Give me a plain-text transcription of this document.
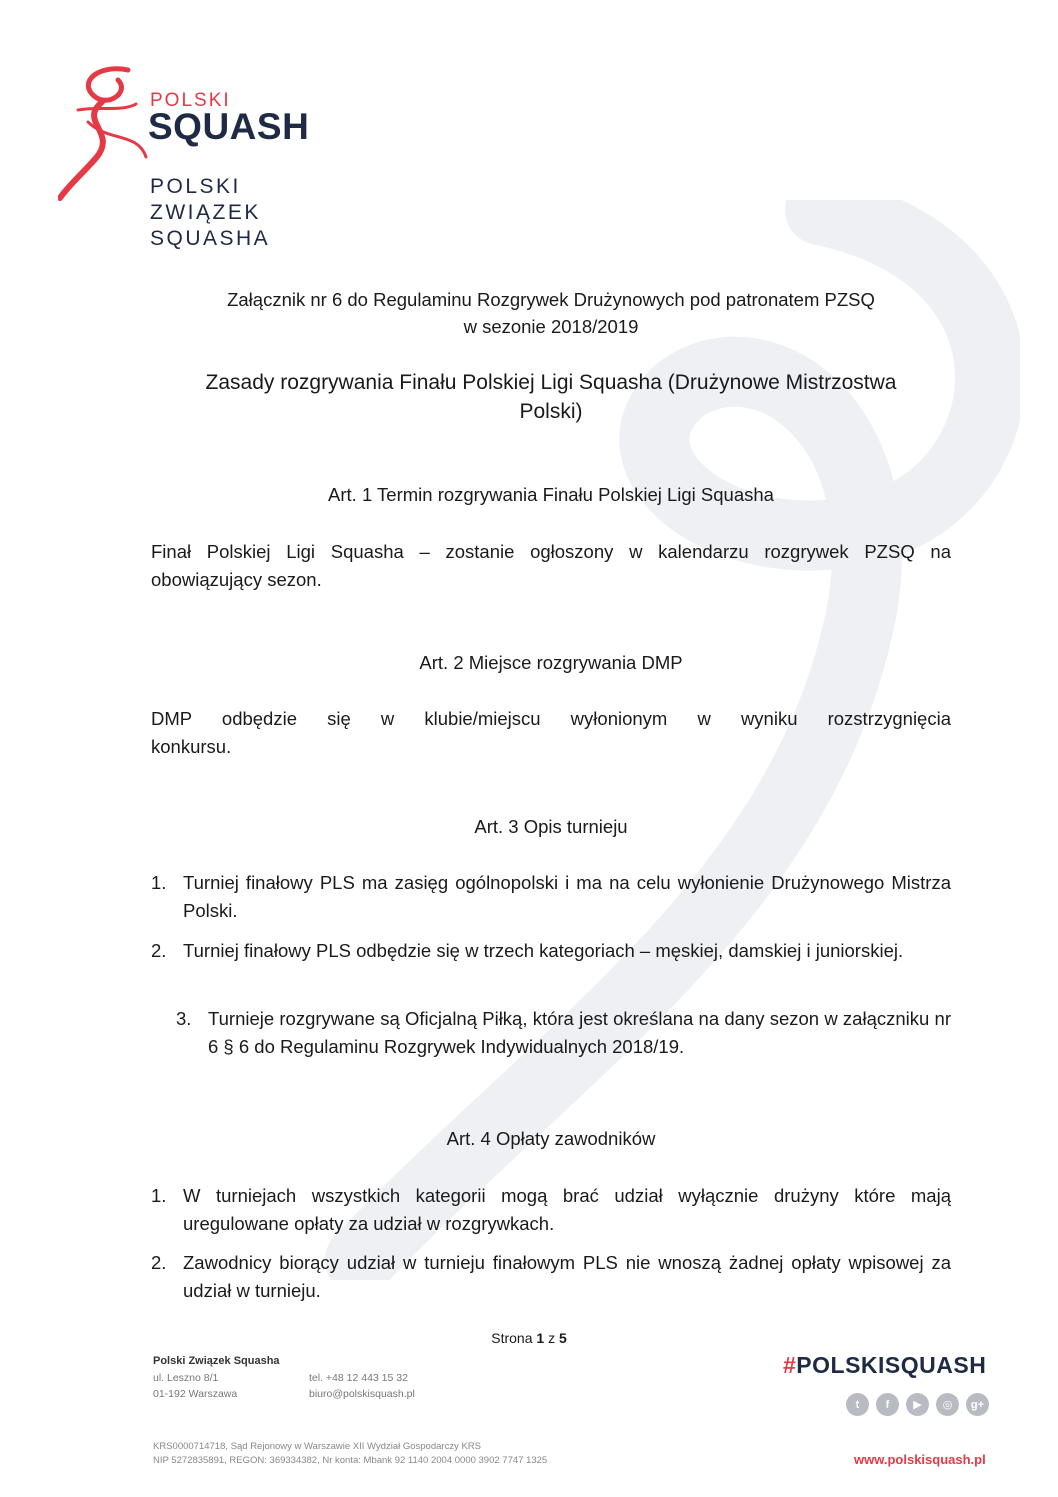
POLSKI
SQUASH
POLSKI
ZWIĄZEK
SQUASHA
Załącznik nr 6 do Regulaminu Rozgrywek Drużynowych pod patronatem PZSQ
w sezonie 2018/2019
Zasady rozgrywania Finału Polskiej Ligi Squasha (Drużynowe Mistrzostwa
Polski)
Art. 1 Termin rozgrywania Finału Polskiej Ligi Squasha
Finał Polskiej Ligi Squasha – zostanie ogłoszony w kalendarzu rozgrywek PZSQ na
obowiązujący sezon.
Art. 2 Miejsce rozgrywania DMP
DMP odbędzie się w klubie/miejscu wyłonionym w wyniku rozstrzygnięcia
konkursu.
Art. 3 Opis turnieju
1. Turniej finałowy PLS ma zasięg ogólnopolski i ma na celu wyłonienie Drużynowego Mistrza Polski.
2. Turniej finałowy PLS odbędzie się w trzech kategoriach – męskiej, damskiej i juniorskiej.
3. Turnieje rozgrywane są Oficjalną Piłką, która jest określana na dany sezon w załączniku nr 6 § 6 do Regulaminu Rozgrywek Indywidualnych 2018/19.
Art. 4 Opłaty zawodników
1. W turniejach wszystkich kategorii mogą brać udział wyłącznie drużyny które mają uregulowane opłaty za udział w rozgrywkach.
2. Zawodnicy biorący udział w turnieju finałowym PLS nie wnoszą żadnej opłaty wpisowej za udział w turnieju.
Strona 1 z 5
Polski Związek Squasha
ul. Leszno 8/1
01-192 Warszawa
tel. +48 12 443 15 32
biuro@polskisquash.pl
KRS0000714718, Sąd Rejonowy w Warszawie XII Wydział Gospodarczy KRS
NIP 5272835891, REGON: 369334382, Nr konta: Mbank 92 1140 2004 0000 3902 7747 1325
#POLSKISQUASH
t	f	▶	◎	g+
www.polskisquash.pl
